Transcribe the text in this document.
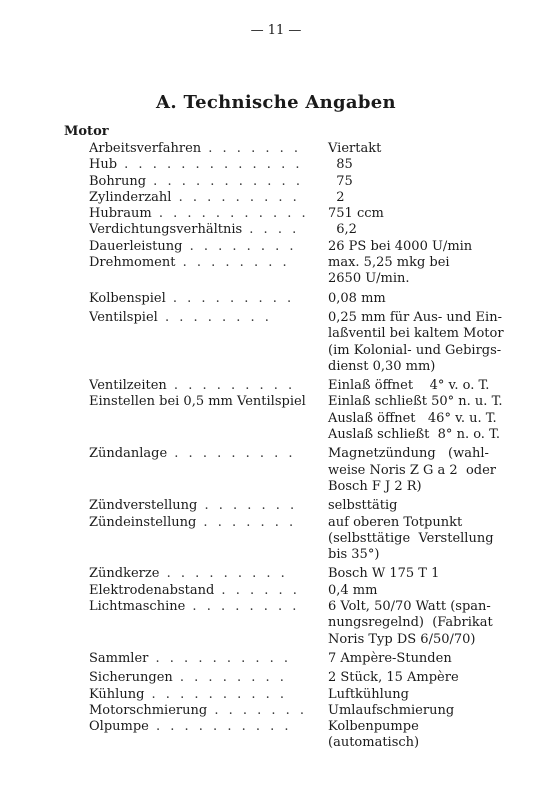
— 11 —
A. Technische Angaben
Motor
Arbeitsverfahren . . . . . . .	Viertakt
Hub . . . . . . . . . . . . .	85
Bohrung . . . . . . . . . . .	75
Zylinderzahl . . . . . . . . .	2
Hubraum . . . . . . . . . . .	751 ccm
Verdichtungsverhältnis . . . .	6,2
Dauerleistung . . . . . . . .	26 PS bei 4000 U/min
Drehmoment . . . . . . . .	max. 5,25 mkg bei
2650 U/min.
Kolbenspiel . . . . . . . . .	0,08 mm
Ventilspiel . . . . . . . .	0,25 mm für Aus- und Ein-
laßventil bei kaltem Motor
(im Kolonial- und Gebirgs-
dienst 0,30 mm)
Ventilzeiten . . . . . . . . .	Einlaß öffnet    4° v. o. T.
Einstellen bei 0,5 mm Ventilspiel	Einlaß schließt 50° n. u. T.
Auslaß öffnet   46° v. u. T.
Auslaß schließt  8° n. o. T.
Zündanlage . . . . . . . . .	Magnetzündung   (wahl-
weise Noris Z G a 2  oder
Bosch F J 2 R)
Zündverstellung . . . . . . .	selbsttätig
Zündeinstellung . . . . . . .	auf oberen Totpunkt
(selbsttätige  Verstellung
bis 35°)
Zündkerze . . . . . . . . .	Bosch W 175 T 1
Elektrodenabstand . . . . . .	0,4 mm
Lichtmaschine . . . . . . . .	6 Volt, 50/70 Watt (span-
nungsregelnd)  (Fabrikat
Noris Typ DS 6/50/70)
Sammler . . . . . . . . . .	7 Ampère-Stunden
Sicherungen . . . . . . . .	2 Stück, 15 Ampère
Kühlung . . . . . . . . . .	Luftkühlung
Motorschmierung . . . . . . .	Umlaufschmierung
Ölpumpe . . . . . . . . . .	Kolbenpumpe
(automatisch)
